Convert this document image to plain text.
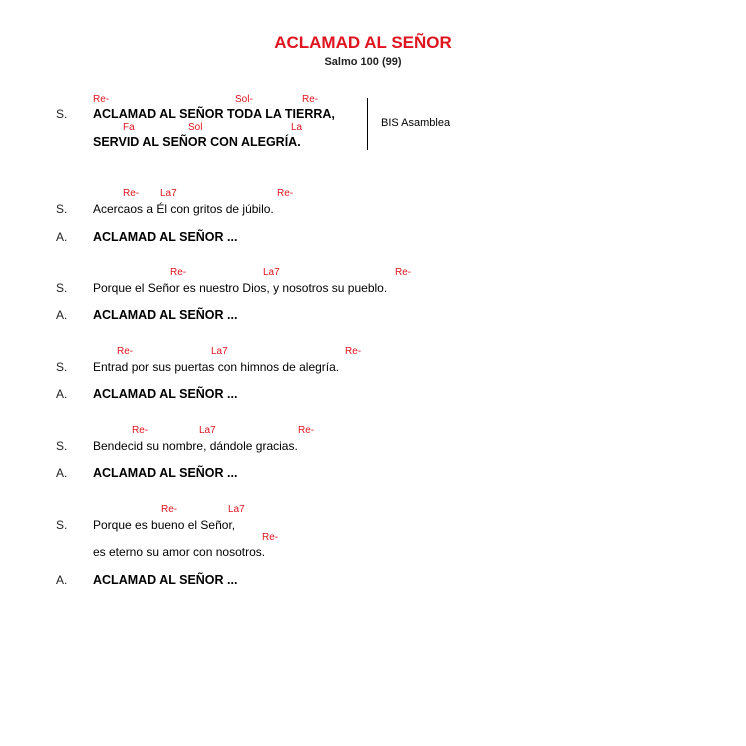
ACLAMAD AL SEÑOR
Salmo 100 (99)
Re-	Sol-	Re-
S. ACLAMAD AL SEÑOR TODA LA TIERRA,
Fa	Sol	La
SERVID AL SEÑOR CON ALEGRÍA.
BIS Asamblea
Re- La7	Re-
S. Acercaos a Él con gritos de júbilo.
A. ACLAMAD AL SEÑOR ...
Re-	La7	Re-
S. Porque el Señor es nuestro Dios, y nosotros su pueblo.
A. ACLAMAD AL SEÑOR ...
Re-	La7	Re-
S. Entrad por sus puertas con himnos de alegría.
A. ACLAMAD AL SEÑOR ...
Re-	La7	Re-
S. Bendecid su nombre, dándole gracias.
A. ACLAMAD AL SEÑOR ...
Re-	La7
S. Porque es bueno el Señor,
Re-
es eterno su amor con nosotros.
A. ACLAMAD AL SEÑOR ...
